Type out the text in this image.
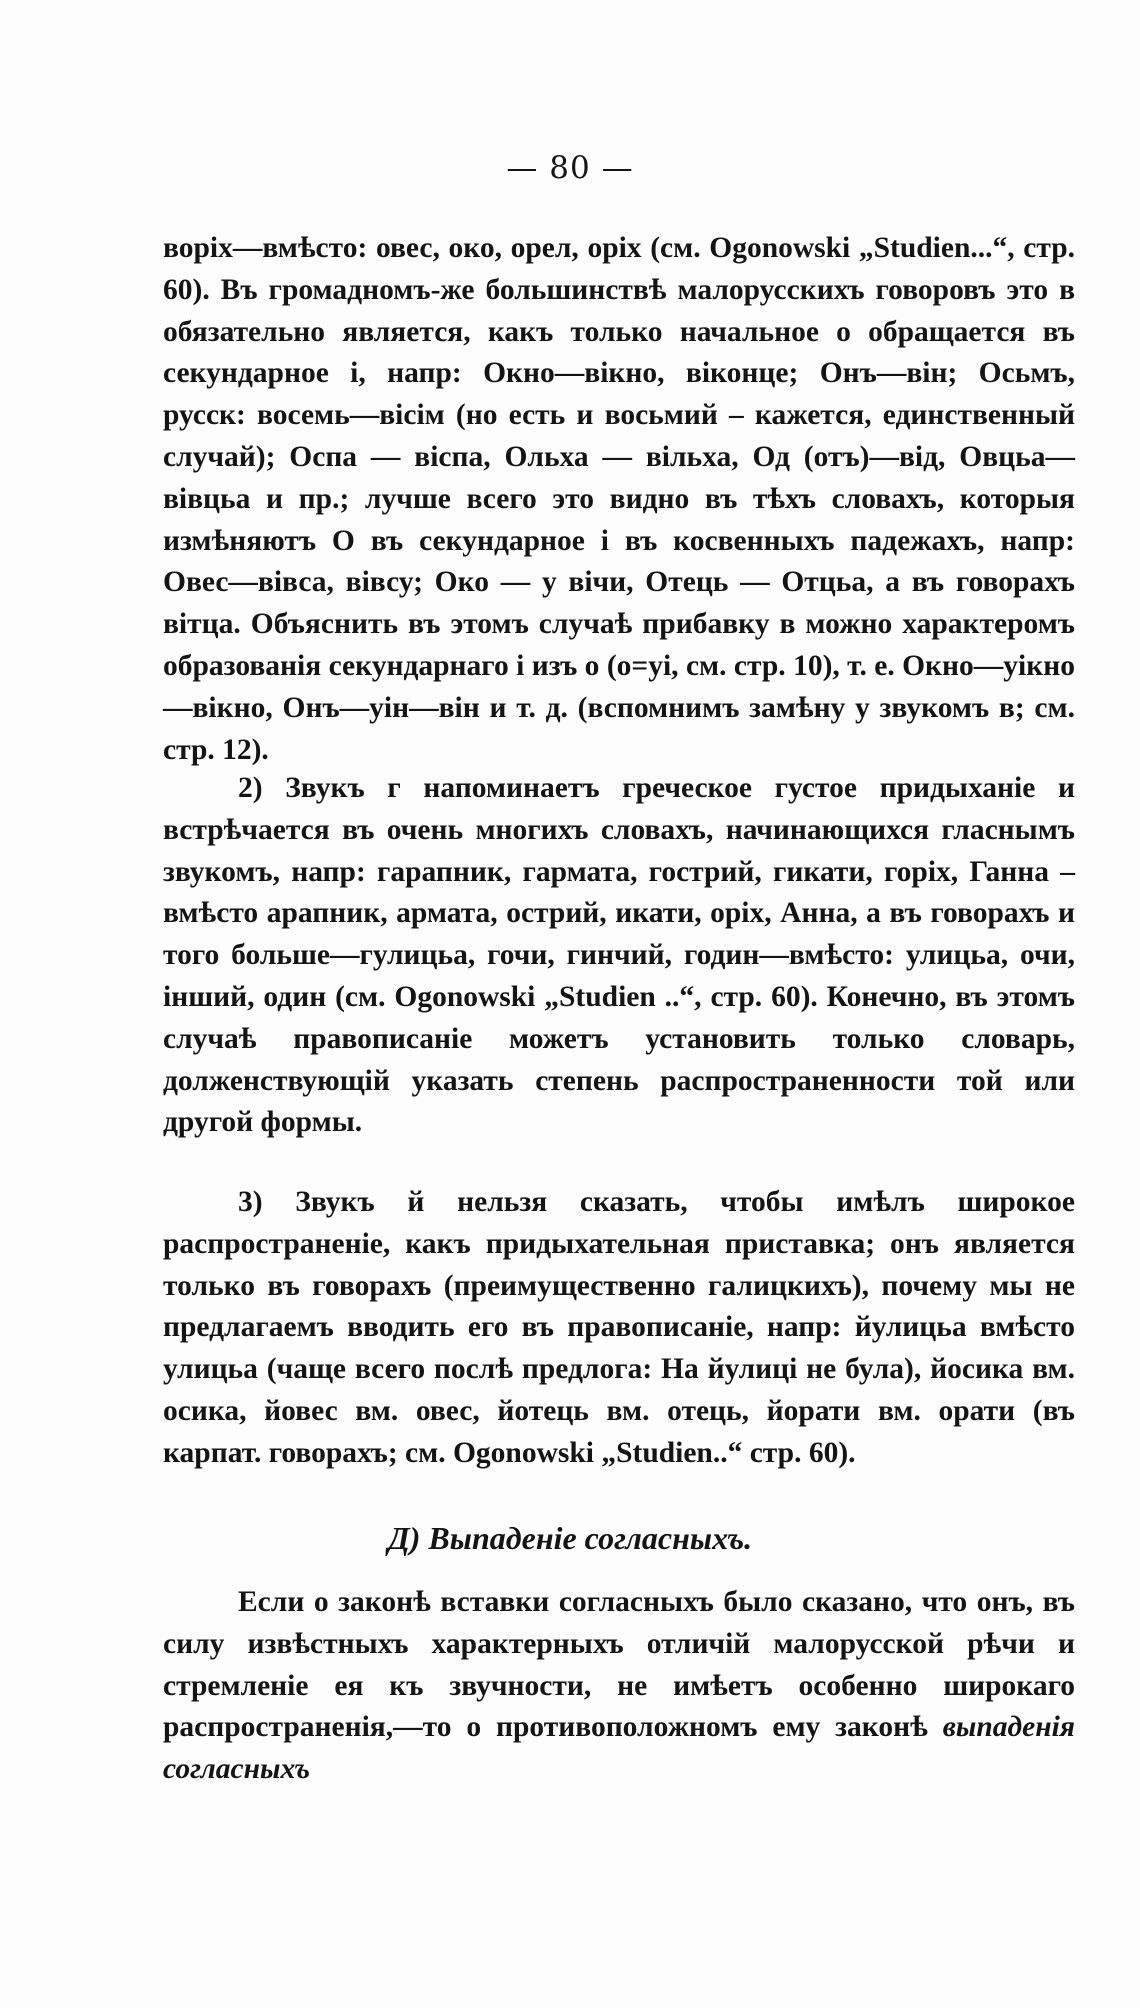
— 80 —

воріх—вмѣсто: овес, око, орел, оріх (см. Ogonowski „Studien...“, стр. 60). Въ громадномъ-же большинствѣ малорусскихъ говоровъ это в обязательно является, какъ только начальное о обращается въ секундарное і, напр: Окно—вікно, віконце; Онъ—він; Осьмъ, русск: восемь—вісім (но есть и восьмий – кажется, единственный случай); Оспа — віспа, Ольха — вільха, Од (отъ)—від, Овцьа—вівцьа и пр.; лучше всего это видно въ тѣхъ словахъ, которыя измѣняютъ О въ секундарное і въ косвенныхъ падежахъ, напр: Овес—вівса, вівсу; Око — у вічи, Отець — Отцьа, а въ говорахъ вітца. Объяснить въ этомъ случаѣ прибавку в можно характеромъ образованія секундарнаго і изъ о (о=уі, см. стр. 10), т. е. Окно—уікно—вікно, Онъ—уін—він и т. д. (вспомнимъ замѣну у звукомъ в; см. стр. 12).

2) Звукъ г напоминаетъ греческое густое придыханіе и встрѣчается въ очень многихъ словахъ, начинающихся гласнымъ звукомъ, напр: гарапник, гармата, гострий, гикати, горіх, Ганна – вмѣсто арапник, армата, острий, икати, оріх, Анна, а въ говорахъ и того больше—гулицьа, гочи, гинчий, годин—вмѣсто: улицьа, очи, інший, один (см. Ogonowski „Studien ..“, стр. 60). Конечно, въ этомъ случаѣ правописаніе можетъ установить только словарь, долженствующій указать степень распространенности той или другой формы.

3) Звукъ й нельзя сказать, чтобы имѣлъ широкое распространеніе, какъ придыхательная приставка; онъ является только въ говорахъ (преимущественно галицкихъ), почему мы не предлагаемъ вводить его въ правописаніе, напр: йулицьа вмѣсто улицьа (чаще всего послѣ предлога: На йулиці не була), йосика вм. осика, йовес вм. овес, йотець вм. отець, йорати вм. орати (въ карпат. говорахъ; см. Ogonowski „Studien..“ стр. 60).

Д) Выпаденіе согласныхъ.

Если о законѣ вставки согласныхъ было сказано, что онъ, въ силу извѣстныхъ характерныхъ отличій малорусской рѣчи и стремленіе ея къ звучности, не имѣетъ особенно широкаго распространенія,—то о противоположномъ ему законѣ выпаденія согласныхъ
